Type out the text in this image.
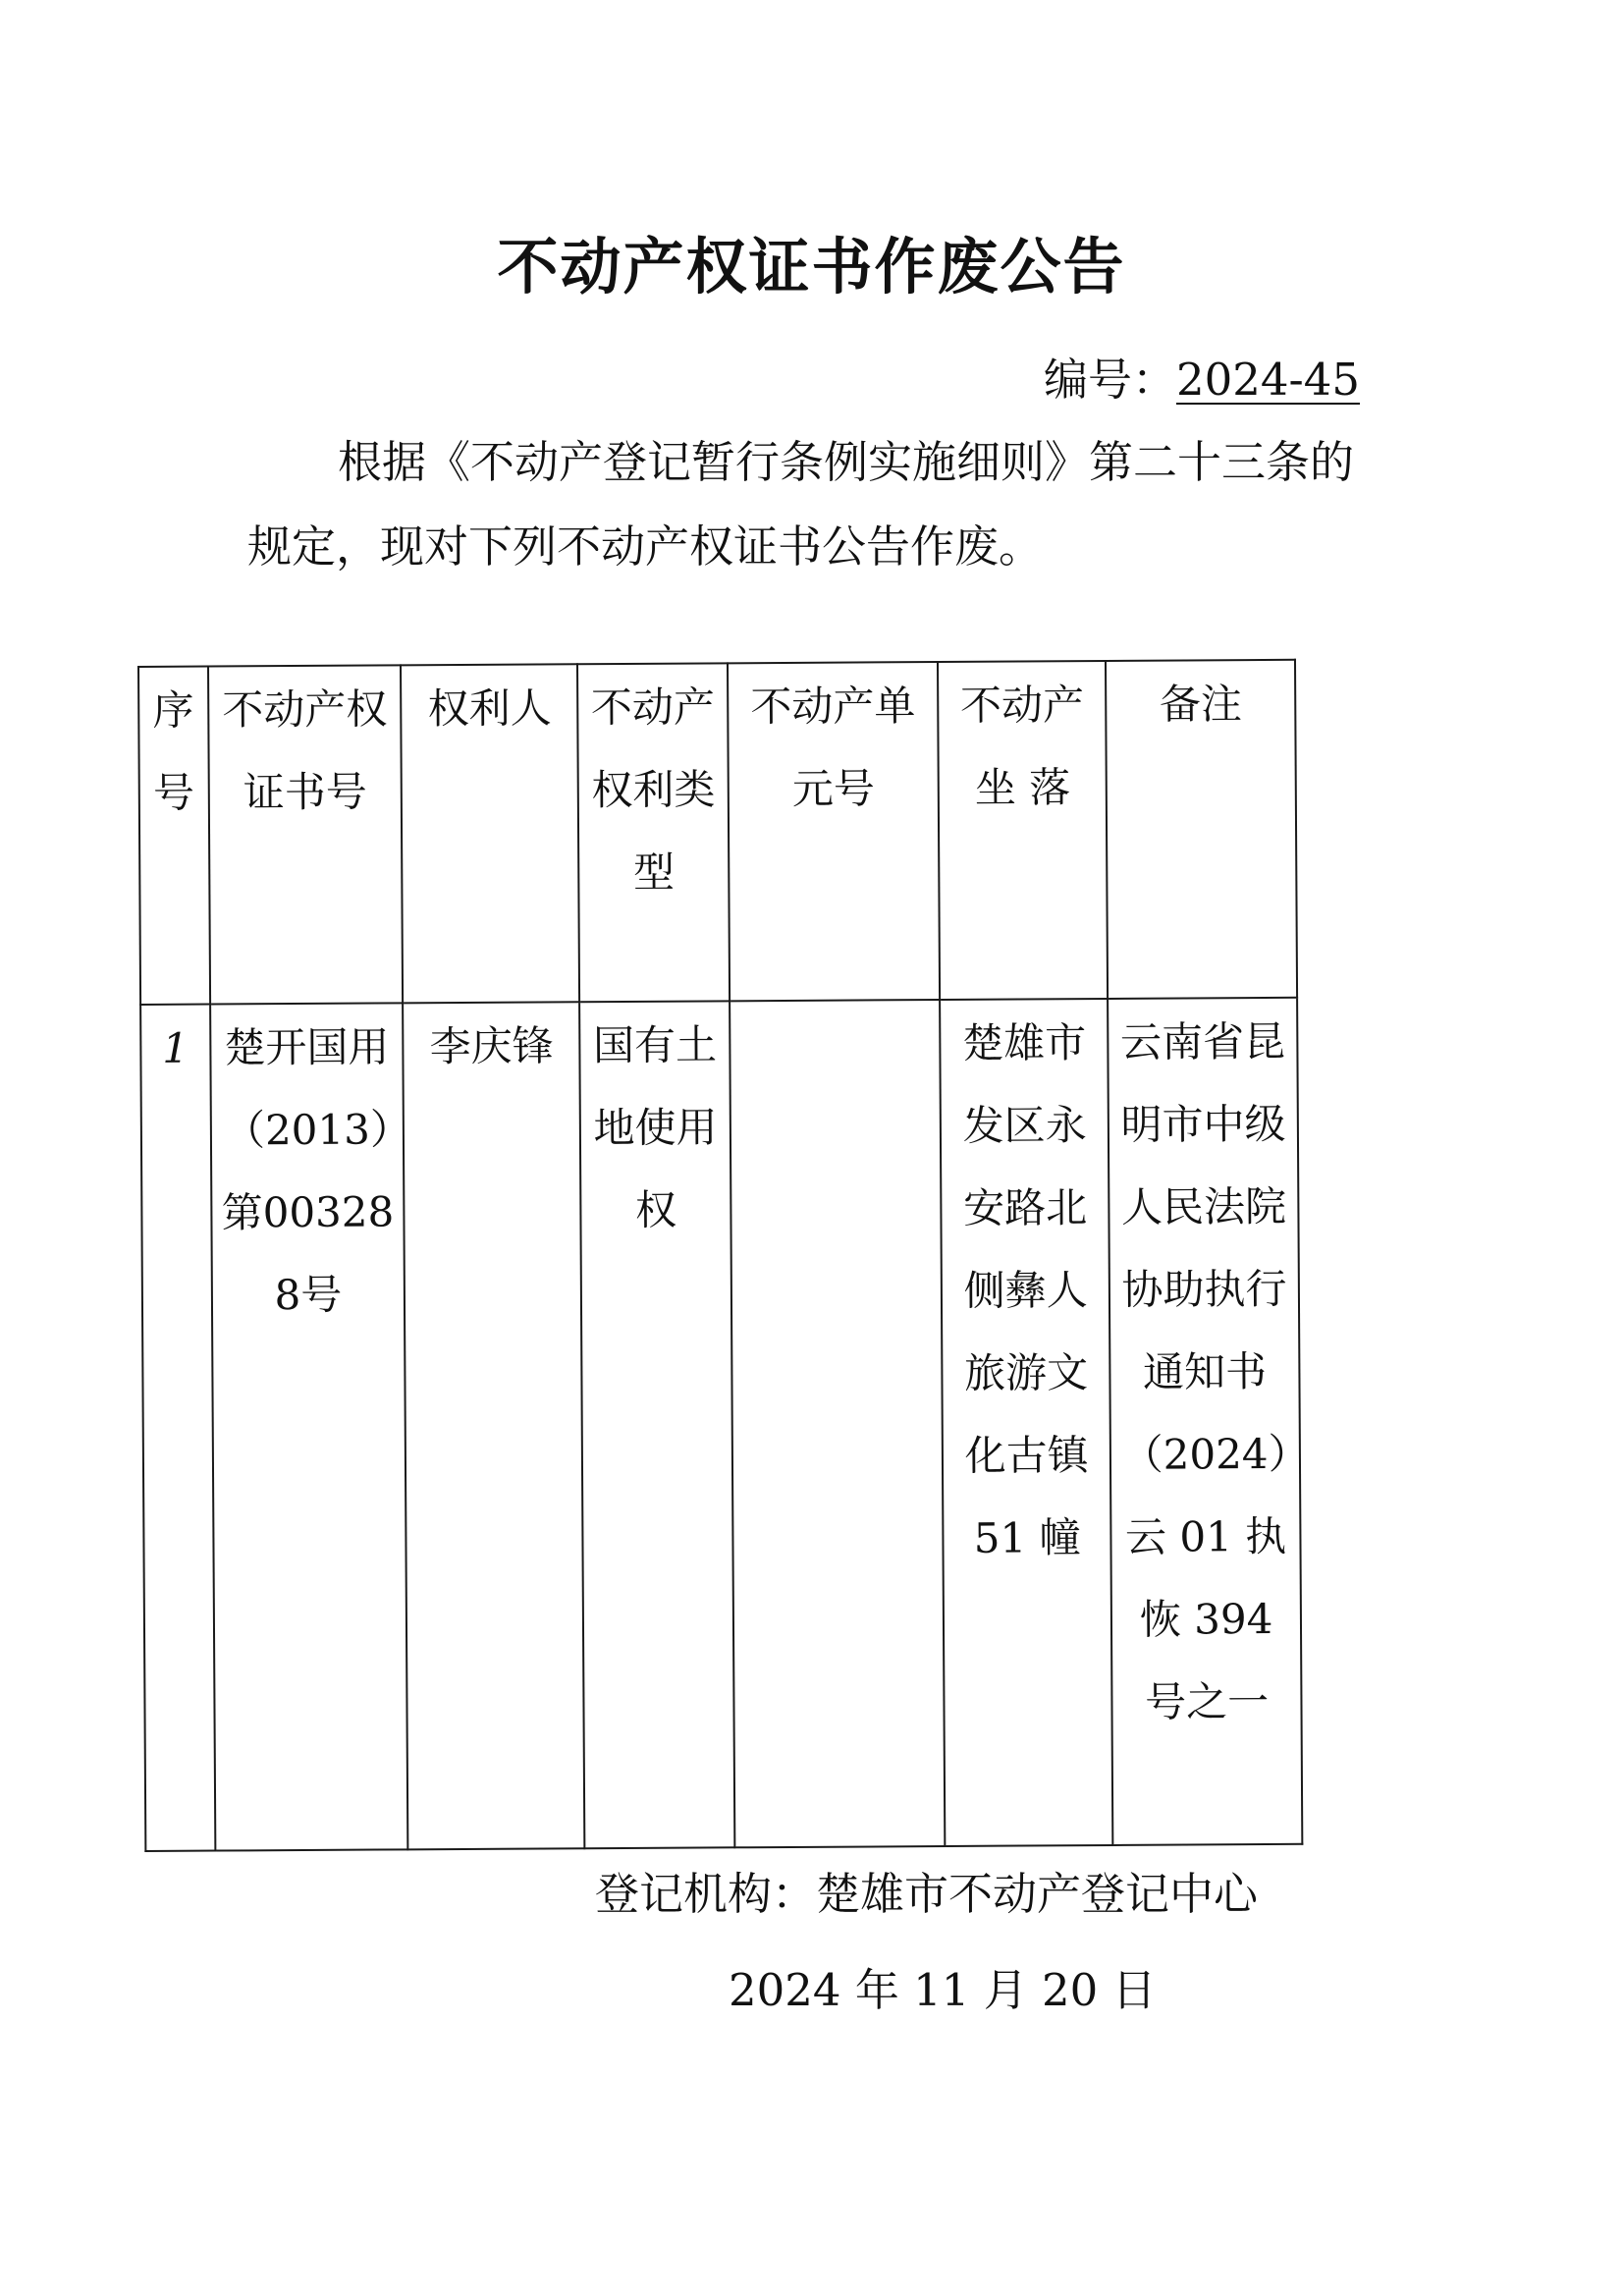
不动产权证书作废公告
编号：2024-45

根据《不动产登记暂行条例实施细则》第二十三条的规定，现对下列不动产权证书公告作废。

序号	不动产权证书号	权利人	不动产权利类型	不动产单元号	不动产坐 落	备注
1	楚开国用（2013）第003288号	李庆锋	国有土地使用权		楚雄市发区永安路北侧彝人旅游文化古镇 51 幢	云南省昆明市中级人民法院协助执行通知书（2024）云 01 执恢 394 号之一
登记机构：楚雄市不动产登记中心
2024 年 11 月 20 日
